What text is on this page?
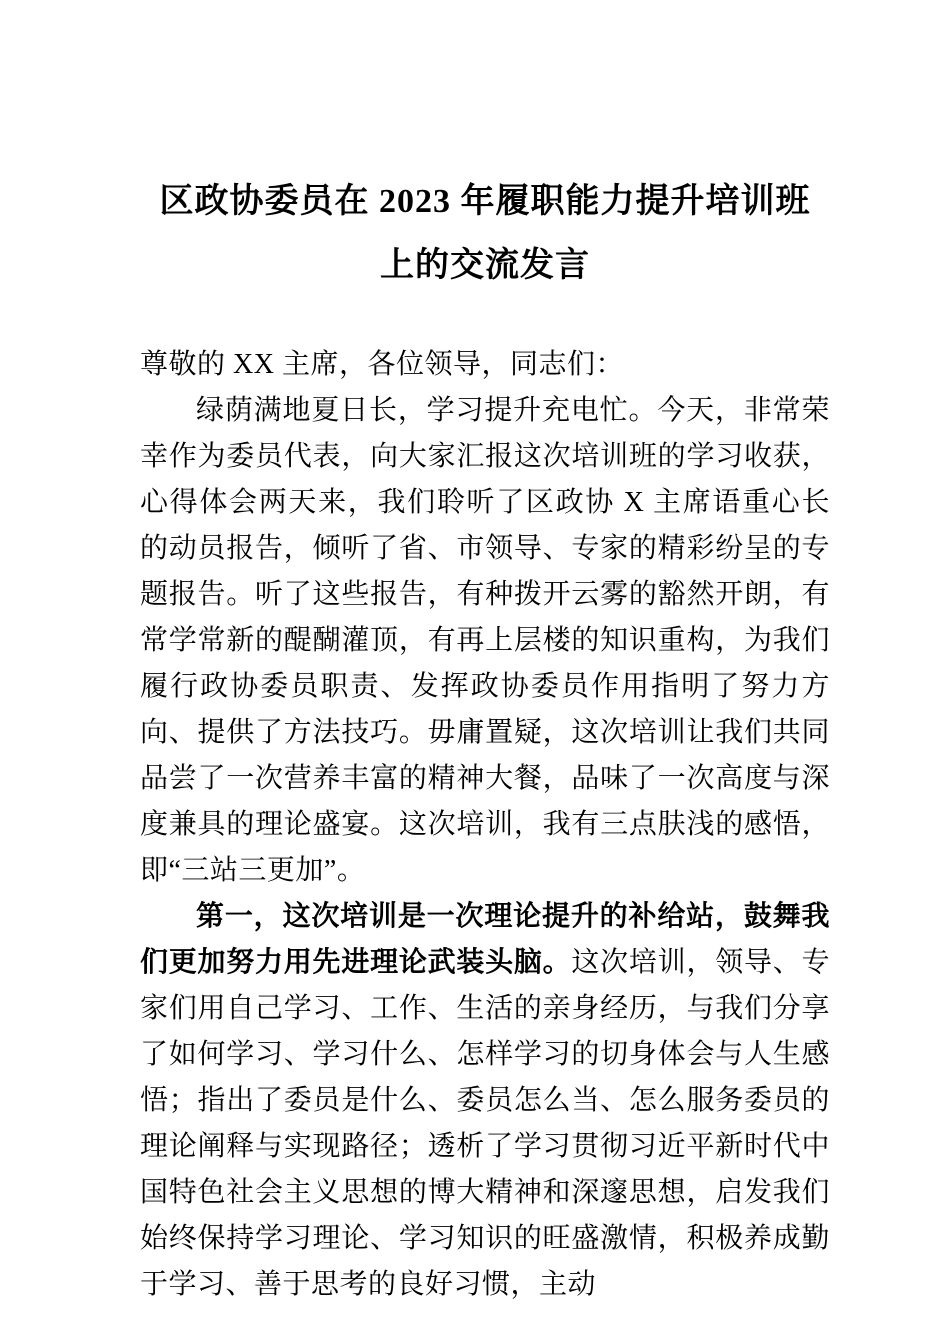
区政协委员在 2023 年履职能力提升培训班
上的交流发言

尊敬的 XX 主席，各位领导，同志们：

绿荫满地夏日长，学习提升充电忙。今天，非常荣幸作为委员代表，向大家汇报这次培训班的学习收获，心得体会两天来，我们聆听了区政协 X 主席语重心长的动员报告，倾听了省、市领导、专家的精彩纷呈的专题报告。听了这些报告，有种拨开云雾的豁然开朗，有常学常新的醍醐灌顶，有再上层楼的知识重构，为我们履行政协委员职责、发挥政协委员作用指明了努力方向、提供了方法技巧。毋庸置疑，这次培训让我们共同品尝了一次营养丰富的精神大餐，品味了一次高度与深度兼具的理论盛宴。这次培训，我有三点肤浅的感悟，即“三站三更加”。

第一，这次培训是一次理论提升的补给站，鼓舞我们更加努力用先进理论武装头脑。这次培训，领导、专家们用自己学习、工作、生活的亲身经历，与我们分享了如何学习、学习什么、怎样学习的切身体会与人生感悟；指出了委员是什么、委员怎么当、怎么服务委员的理论阐释与实现路径；透析了学习贯彻习近平新时代中国特色社会主义思想的博大精神和深邃思想，启发我们始终保持学习理论、学习知识的旺盛激情，积极养成勤于学习、善于思考的良好习惯，主动
